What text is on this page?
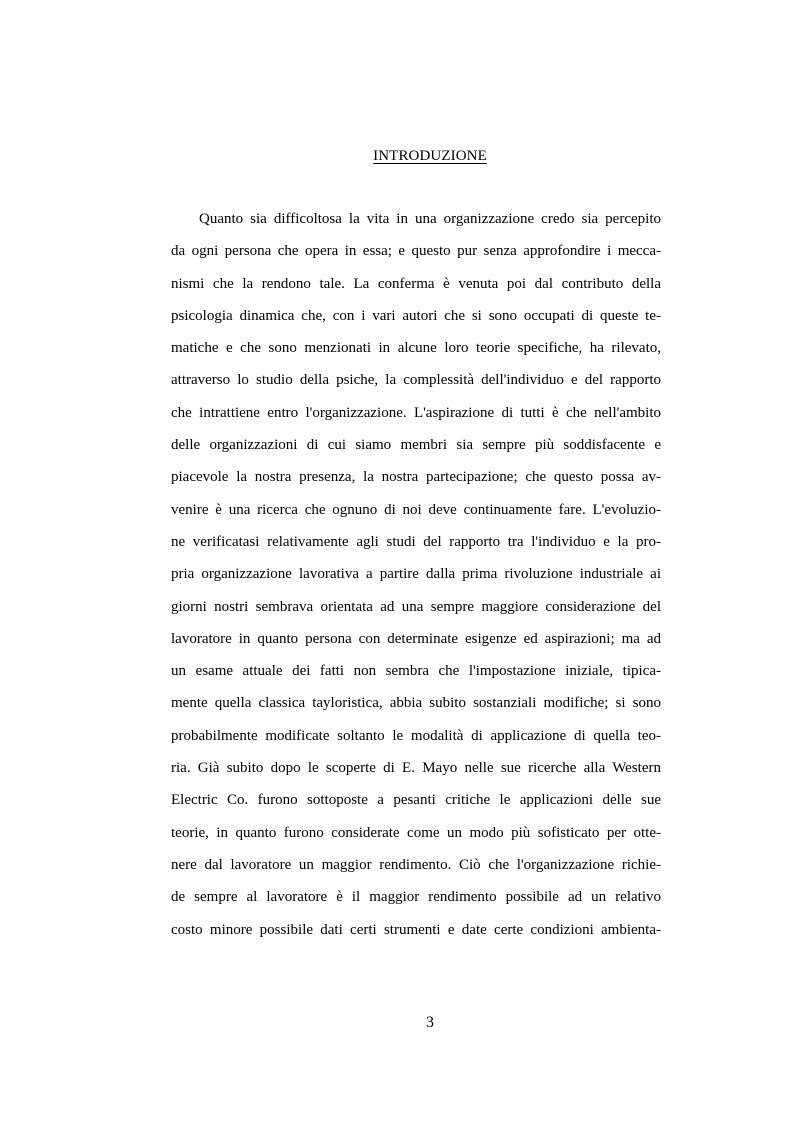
INTRODUZIONE
Quanto sia difficoltosa la vita in una organizzazione credo sia percepito
da ogni persona che opera in essa; e questo pur senza approfondire i mecca-
nismi che la rendono tale. La conferma è venuta poi dal contributo della
psicologia dinamica che, con i vari autori che si sono occupati di queste te-
matiche e che sono menzionati in alcune loro teorie specifiche, ha rilevato,
attraverso lo studio della psiche, la complessità dell'individuo e del rapporto
che intrattiene entro l'organizzazione. L'aspirazione di tutti è che nell'ambito
delle organizzazioni di cui siamo membri sia sempre più soddisfacente e
piacevole la nostra presenza, la nostra partecipazione; che questo possa av-
venire è una ricerca che ognuno di noi deve continuamente fare. L'evoluzio-
ne verificatasi relativamente agli studi del rapporto tra l'individuo e la pro-
pria organizzazione lavorativa a partire dalla prima rivoluzione industriale ai
giorni nostri sembrava orientata ad una sempre maggiore considerazione del
lavoratore in quanto persona con determinate esigenze ed aspirazioni; ma ad
un esame attuale dei fatti non sembra che l'impostazione iniziale, tipica-
mente quella classica tayloristica, abbia subito sostanziali modifiche; si sono
probabilmente modificate soltanto le modalità di applicazione di quella teo-
ria. Già subito dopo le scoperte di E. Mayo nelle sue ricerche alla Western
Electric Co. furono sottoposte a pesanti critiche le applicazioni delle sue
teorie, in quanto furono considerate come un modo più sofisticato per otte-
nere dal lavoratore un maggior rendimento. Ciò che l'organizzazione richie-
de sempre al lavoratore è il maggior rendimento possibile ad un relativo
costo minore possibile dati certi strumenti e date certe condizioni ambienta-
3
